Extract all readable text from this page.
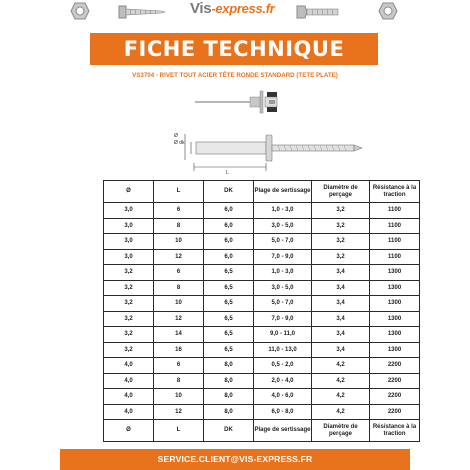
Vis-express.fr
FICHE TECHNIQUE
VS3704 - RIVET TOUT ACIER TÊTE RONDE STANDARD (TETE PLATE)
Ø
Ø dk
L
Ø	L	DK	Plage de sertissage	Diamètre de perçage	Résistance à la traction
3,0	6	6,0	1,0 - 3,0	3,2	1100
3,0	8	6,0	3,0 - 5,0	3,2	1100
3,0	10	6,0	5,0 - 7,0	3,2	1100
3,0	12	6,0	7,0 - 9,0	3,2	1100
3,2	6	6,5	1,0 - 3,0	3,4	1300
3,2	8	6,5	3,0 - 5,0	3,4	1300
3,2	10	6,5	5,0 - 7,0	3,4	1300
3,2	12	6,5	7,0 - 9,0	3,4	1300
3,2	14	6,5	9,0 - 11,0	3,4	1300
3,2	16	6,5	11,0 - 13,0	3,4	1300
4,0	6	8,0	0,5 - 2,0	4,2	2200
4,0	8	8,0	2,0 - 4,0	4,2	2200
4,0	10	8,0	4,0 - 6,0	4,2	2200
4,0	12	8,0	6,0 - 8,0	4,2	2200
Ø	L	DK	Plage de sertissage	Diamètre de perçage	Résistance à la traction
SERVICE.CLIENT@VIS-EXPRESS.FR
